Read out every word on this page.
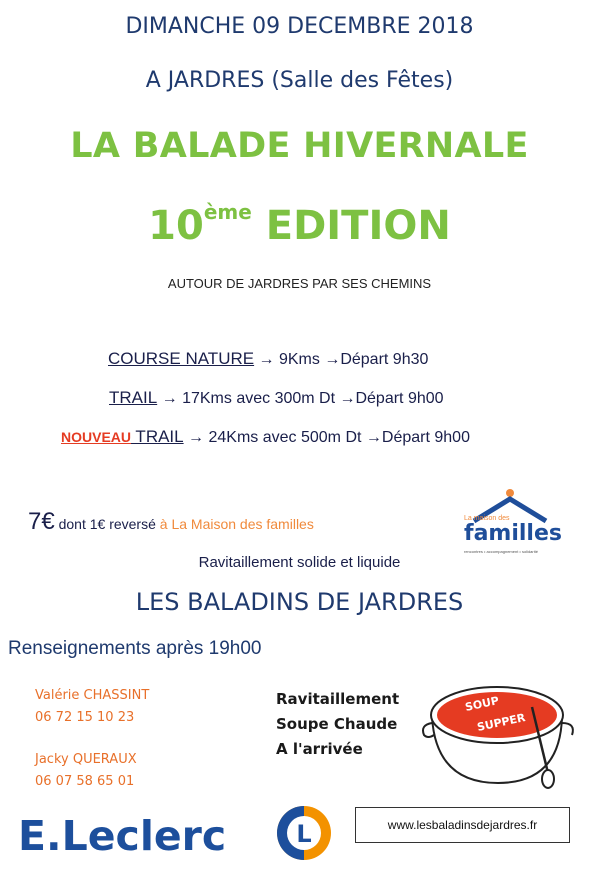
DIMANCHE 09 DECEMBRE 2018
A JARDRES (Salle des Fêtes)
LA BALADE HIVERNALE
10ème EDITION
AUTOUR DE JARDRES PAR SES CHEMINS
COURSE NATURE → 9Kms →Départ 9h30
TRAIL → 17Kms avec 300m Dt →Départ 9h00
NOUVEAU TRAIL → 24Kms avec 500m Dt →Départ 9h00
7€ dont 1€ reversé à La Maison des familles	La maison des
familles
rencontres • accompagnement • solidarité
Ravitaillement solide et liquide
LES BALADINS DE JARDRES
Renseignements après 19h00
Valérie CHASSINT
06 72 15 10 23
Jacky QUERAUX
06 07 58 65 01
Ravitaillement
Soupe Chaude
A l'arrivée
SOUP
SUPPER
E.Leclerc	L	www.lesbaladinsdejardres.fr
